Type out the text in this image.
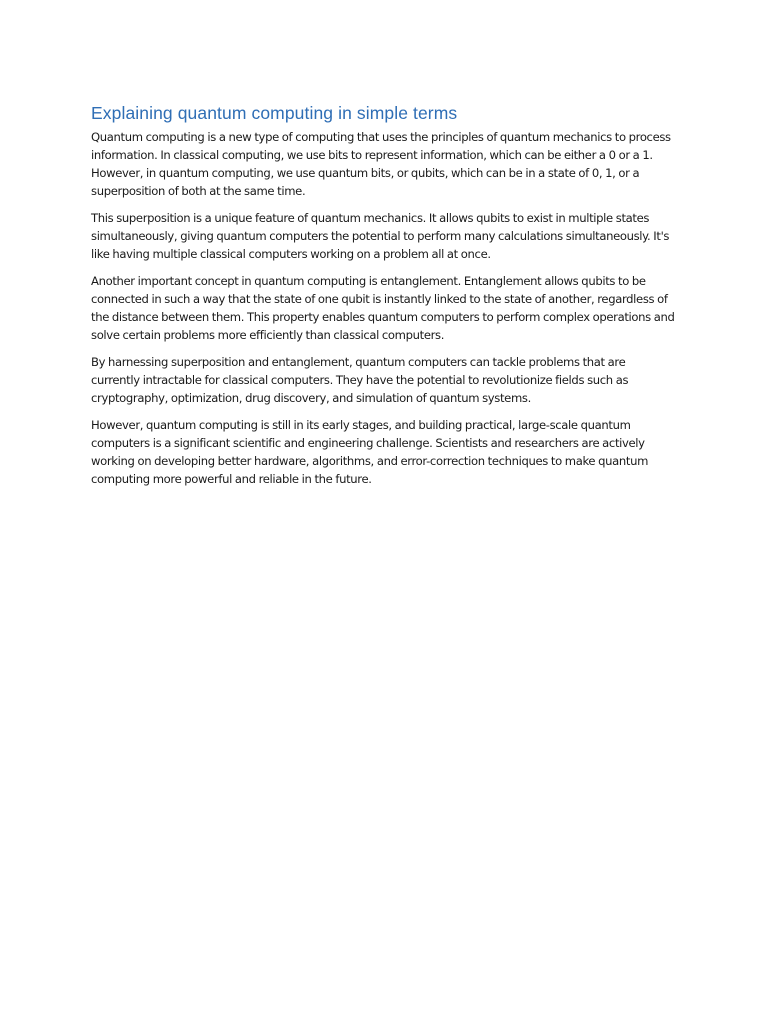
Explaining quantum computing in simple terms

Quantum computing is a new type of computing that uses the principles of quantum mechanics to process information. In classical computing, we use bits to represent information, which can be either a 0 or a 1. However, in quantum computing, we use quantum bits, or qubits, which can be in a state of 0, 1, or a superposition of both at the same time.

This superposition is a unique feature of quantum mechanics. It allows qubits to exist in multiple states simultaneously, giving quantum computers the potential to perform many calculations simultaneously. It's like having multiple classical computers working on a problem all at once.

Another important concept in quantum computing is entanglement. Entanglement allows qubits to be connected in such a way that the state of one qubit is instantly linked to the state of another, regardless of the distance between them. This property enables quantum computers to perform complex operations and solve certain problems more efficiently than classical computers.

By harnessing superposition and entanglement, quantum computers can tackle problems that are currently intractable for classical computers. They have the potential to revolutionize fields such as cryptography, optimization, drug discovery, and simulation of quantum systems.

However, quantum computing is still in its early stages, and building practical, large-scale quantum computers is a significant scientific and engineering challenge. Scientists and researchers are actively working on developing better hardware, algorithms, and error-correction techniques to make quantum computing more powerful and reliable in the future.
